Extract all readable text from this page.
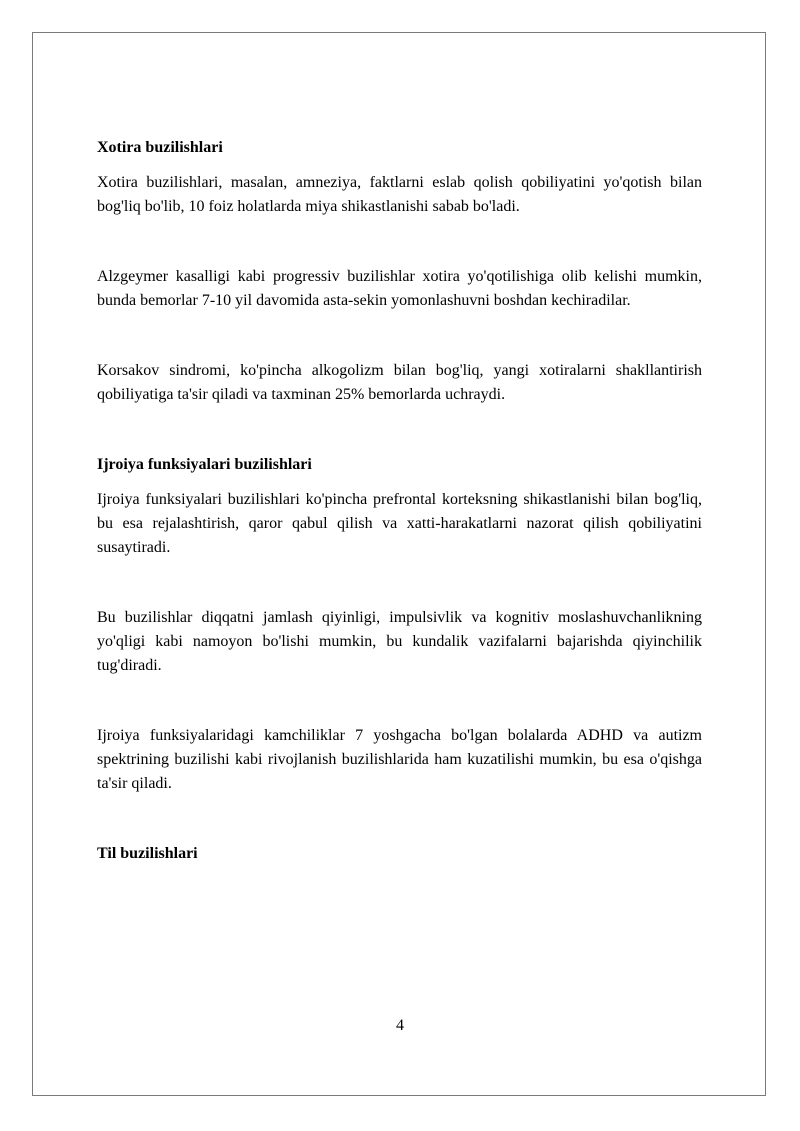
Xotira buzilishlari

Xotira buzilishlari, masalan, amneziya, faktlarni eslab qolish qobiliyatini yo'qotish bilan bog'liq bo'lib, 10 foiz holatlarda miya shikastlanishi sabab bo'ladi.

Alzgeymer kasalligi kabi progressiv buzilishlar xotira yo'qotilishiga olib kelishi mumkin, bunda bemorlar 7-10 yil davomida asta-sekin yomonlashuvni boshdan kechiradilar.

Korsakov sindromi, ko'pincha alkogolizm bilan bog'liq, yangi xotiralarni shakllantirish qobiliyatiga ta'sir qiladi va taxminan 25% bemorlarda uchraydi.

Ijroiya funksiyalari buzilishlari

Ijroiya funksiyalari buzilishlari ko'pincha prefrontal korteksning shikastlanishi bilan bog'liq, bu esa rejalashtirish, qaror qabul qilish va xatti-harakatlarni nazorat qilish qobiliyatini susaytiradi.

Bu buzilishlar diqqatni jamlash qiyinligi, impulsivlik va kognitiv moslashuvchanlikning yo'qligi kabi namoyon bo'lishi mumkin, bu kundalik vazifalarni bajarishda qiyinchilik tug'diradi.

Ijroiya funksiyalaridagi kamchiliklar 7 yoshgacha bo'lgan bolalarda ADHD va autizm spektrining buzilishi kabi rivojlanish buzilishlarida ham kuzatilishi mumkin, bu esa o'qishga ta'sir qiladi.

Til buzilishlari

4
